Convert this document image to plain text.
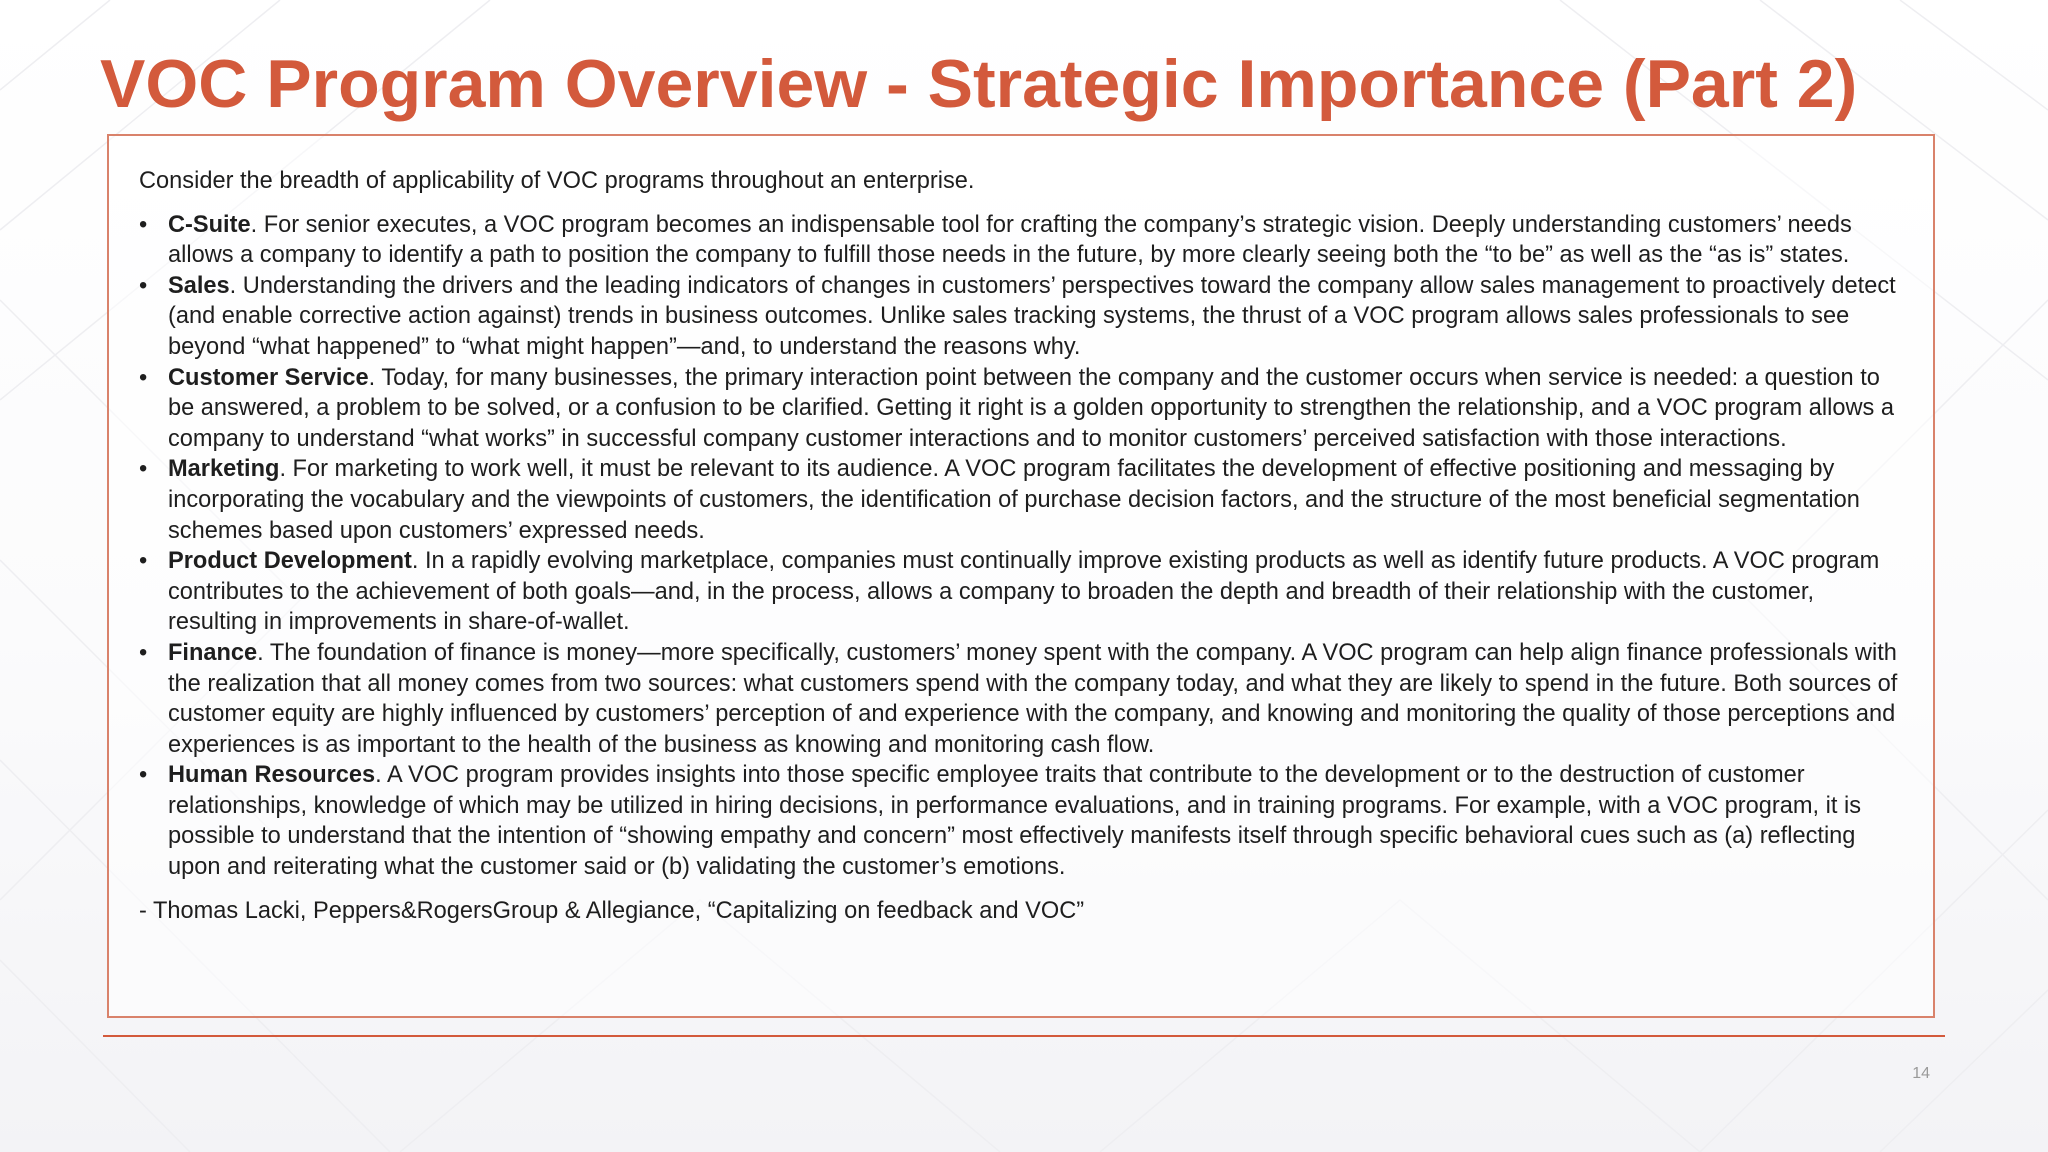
VOC Program Overview - Strategic Importance (Part 2)

Consider the breadth of applicability of VOC programs throughout an enterprise.

• C-Suite. For senior executes, a VOC program becomes an indispensable tool for crafting the company’s strategic vision. Deeply understanding customers’ needs allows a company to identify a path to position the company to fulfill those needs in the future, by more clearly seeing both the “to be” as well as the “as is” states.
• Sales. Understanding the drivers and the leading indicators of changes in customers’ perspectives toward the company allow sales management to proactively detect (and enable corrective action against) trends in business outcomes. Unlike sales tracking systems, the thrust of a VOC program allows sales professionals to see beyond “what happened” to “what might happen”—and, to understand the reasons why.
• Customer Service. Today, for many businesses, the primary interaction point between the company and the customer occurs when service is needed: a question to be answered, a problem to be solved, or a confusion to be clarified. Getting it right is a golden opportunity to strengthen the relationship, and a VOC program allows a company to understand “what works” in successful company customer interactions and to monitor customers’ perceived satisfaction with those interactions.
• Marketing. For marketing to work well, it must be relevant to its audience. A VOC program facilitates the development of effective positioning and messaging by incorporating the vocabulary and the viewpoints of customers, the identification of purchase decision factors, and the structure of the most beneficial segmentation schemes based upon customers’ expressed needs.
• Product Development. In a rapidly evolving marketplace, companies must continually improve existing products as well as identify future products. A VOC program contributes to the achievement of both goals—and, in the process, allows a company to broaden the depth and breadth of their relationship with the customer, resulting in improvements in share-of-wallet.
• Finance. The foundation of finance is money—more specifically, customers’ money spent with the company. A VOC program can help align finance professionals with the realization that all money comes from two sources: what customers spend with the company today, and what they are likely to spend in the future. Both sources of customer equity are highly influenced by customers’ perception of and experience with the company, and knowing and monitoring the quality of those perceptions and experiences is as important to the health of the business as knowing and monitoring cash flow.
• Human Resources. A VOC program provides insights into those specific employee traits that contribute to the development or to the destruction of customer relationships, knowledge of which may be utilized in hiring decisions, in performance evaluations, and in training programs. For example, with a VOC program, it is possible to understand that the intention of “showing empathy and concern” most effectively manifests itself through specific behavioral cues such as (a) reflecting upon and reiterating what the customer said or (b) validating the customer’s emotions.

- Thomas Lacki, Peppers&RogersGroup & Allegiance, “Capitalizing on feedback and VOC”

14
